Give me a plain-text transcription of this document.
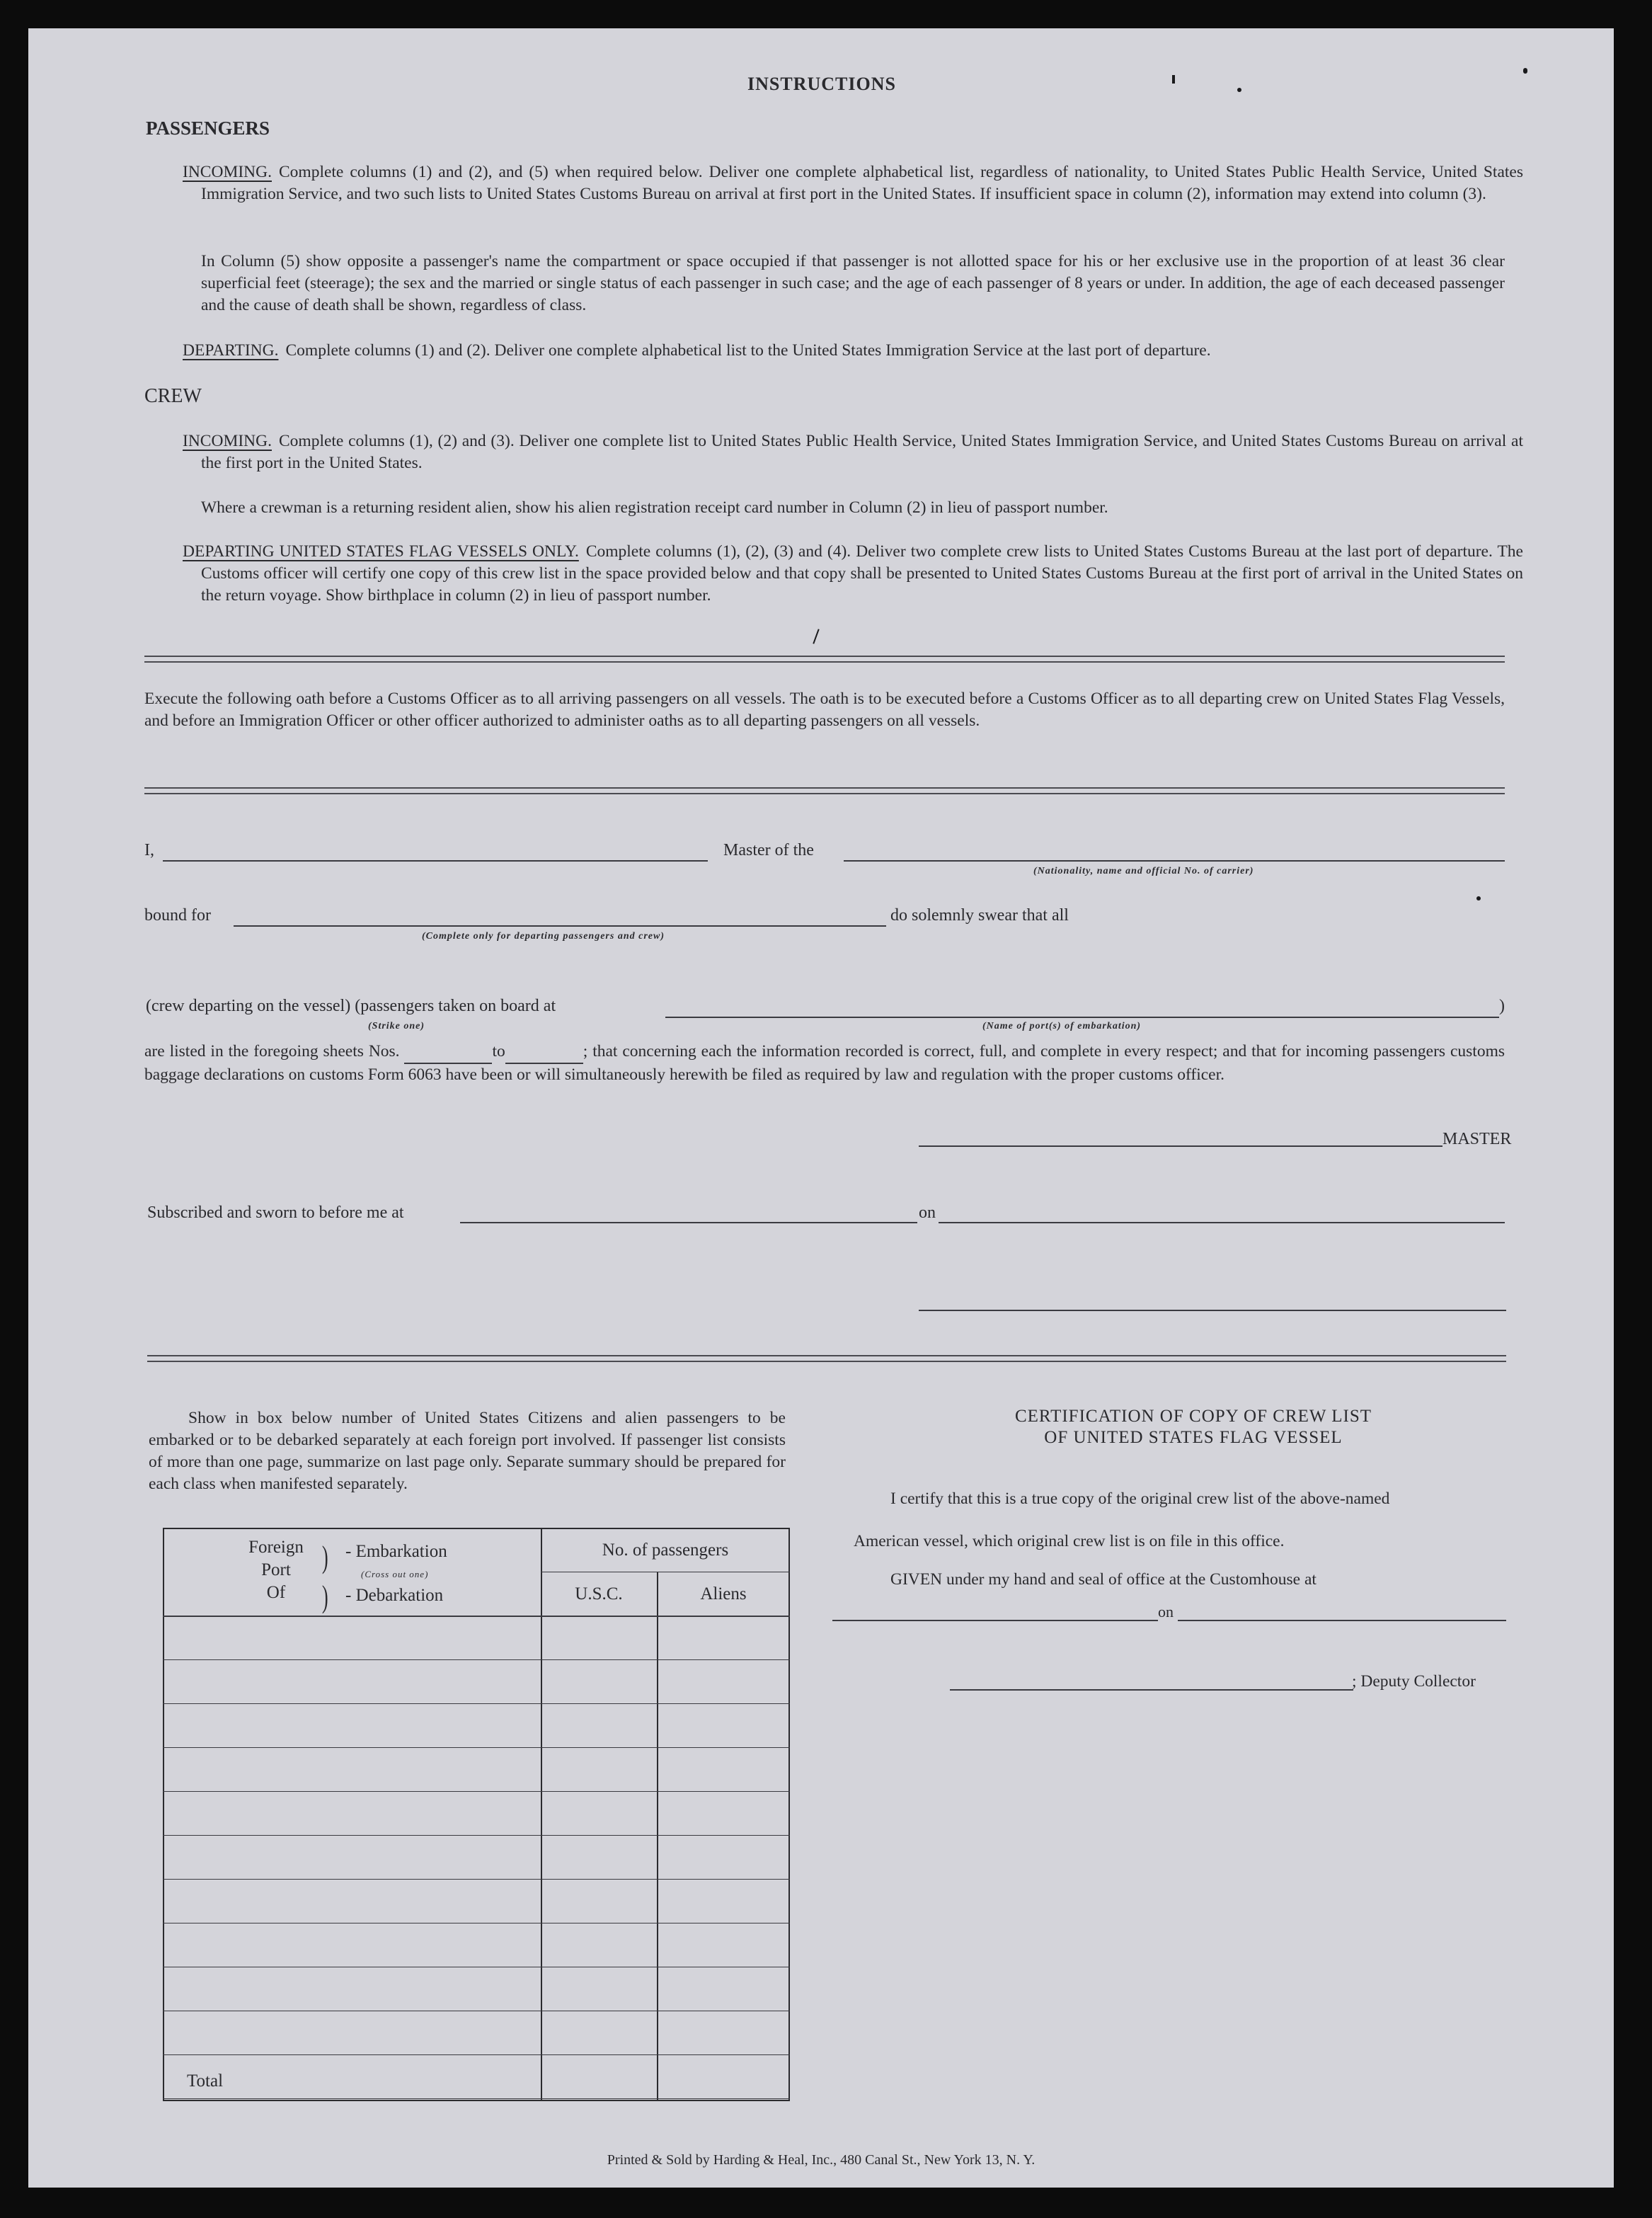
INSTRUCTIONS
PASSENGERS
INCOMING. Complete columns (1) and (2), and (5) when required below. Deliver one complete alphabetical list, regardless of nationality, to United States Public Health Service, United States Immigration Service, and two such lists to United States Customs Bureau on arrival at first port in the United States. If insufficient space in column (2), information may extend into column (3).
In Column (5) show opposite a passenger's name the compartment or space occupied if that passenger is not allotted space for his or her exclusive use in the proportion of at least 36 clear superficial feet (steerage); the sex and the married or single status of each passenger in such case; and the age of each passenger of 8 years or under. In addition, the age of each deceased passenger and the cause of death shall be shown, regardless of class.
DEPARTING. Complete columns (1) and (2). Deliver one complete alphabetical list to the United States Immigration Service at the last port of departure.
CREW
INCOMING. Complete columns (1), (2) and (3). Deliver one complete list to United States Public Health Service, United States Immigration Service, and United States Customs Bureau on arrival at the first port in the United States.
Where a crewman is a returning resident alien, show his alien registration receipt card number in Column (2) in lieu of passport number.
DEPARTING UNITED STATES FLAG VESSELS ONLY. Complete columns (1), (2), (3) and (4). Deliver two complete crew lists to United States Customs Bureau at the last port of departure. The Customs officer will certify one copy of this crew list in the space provided below and that copy shall be presented to United States Customs Bureau at the first port of arrival in the United States on the return voyage. Show birthplace in column (2) in lieu of passport number.
Execute the following oath before a Customs Officer as to all arriving passengers on all vessels. The oath is to be executed before a Customs Officer as to all departing crew on United States Flag Vessels, and before an Immigration Officer or other officer authorized to administer oaths as to all departing passengers on all vessels.
I,	Master of the
(Nationality, name and official No. of carrier)
bound for
(Complete only for departing passengers and crew)
do solemnly swear that all
(crew departing on the vessel) (passengers taken on board at
(Strike one)
)
(Name of port(s) of embarkation)
are listed in the foregoing sheets Nos.	to	; that concerning each the information recorded is correct, full, and complete in every respect; and that for incoming passengers customs baggage declarations on customs Form 6063 have been or will simultaneously herewith be filed as required by law and regulation with the proper customs officer.
MASTER
Subscribed and sworn to before me at	on
Show in box below number of United States Citizens and alien passengers to be embarked or to be debarked separately at each foreign port involved. If passenger list consists of more than one page, summarize on last page only. Separate summary should be prepared for each class when manifested separately.
Foreign
Port
Of
)
)
- Embarkation
(Cross out one)
- Debarkation
No. of passengers
U.S.C.	Aliens
Total
CERTIFICATION OF COPY OF CREW LIST
OF UNITED STATES FLAG VESSEL
I certify that this is a true copy of the original crew list of the above-named
American vessel, which original crew list is on file in this office.
GIVEN under my hand and seal of office at the Customhouse at
on
; Deputy Collector
Printed & Sold by Harding & Heal, Inc., 480 Canal St., New York 13, N. Y.
